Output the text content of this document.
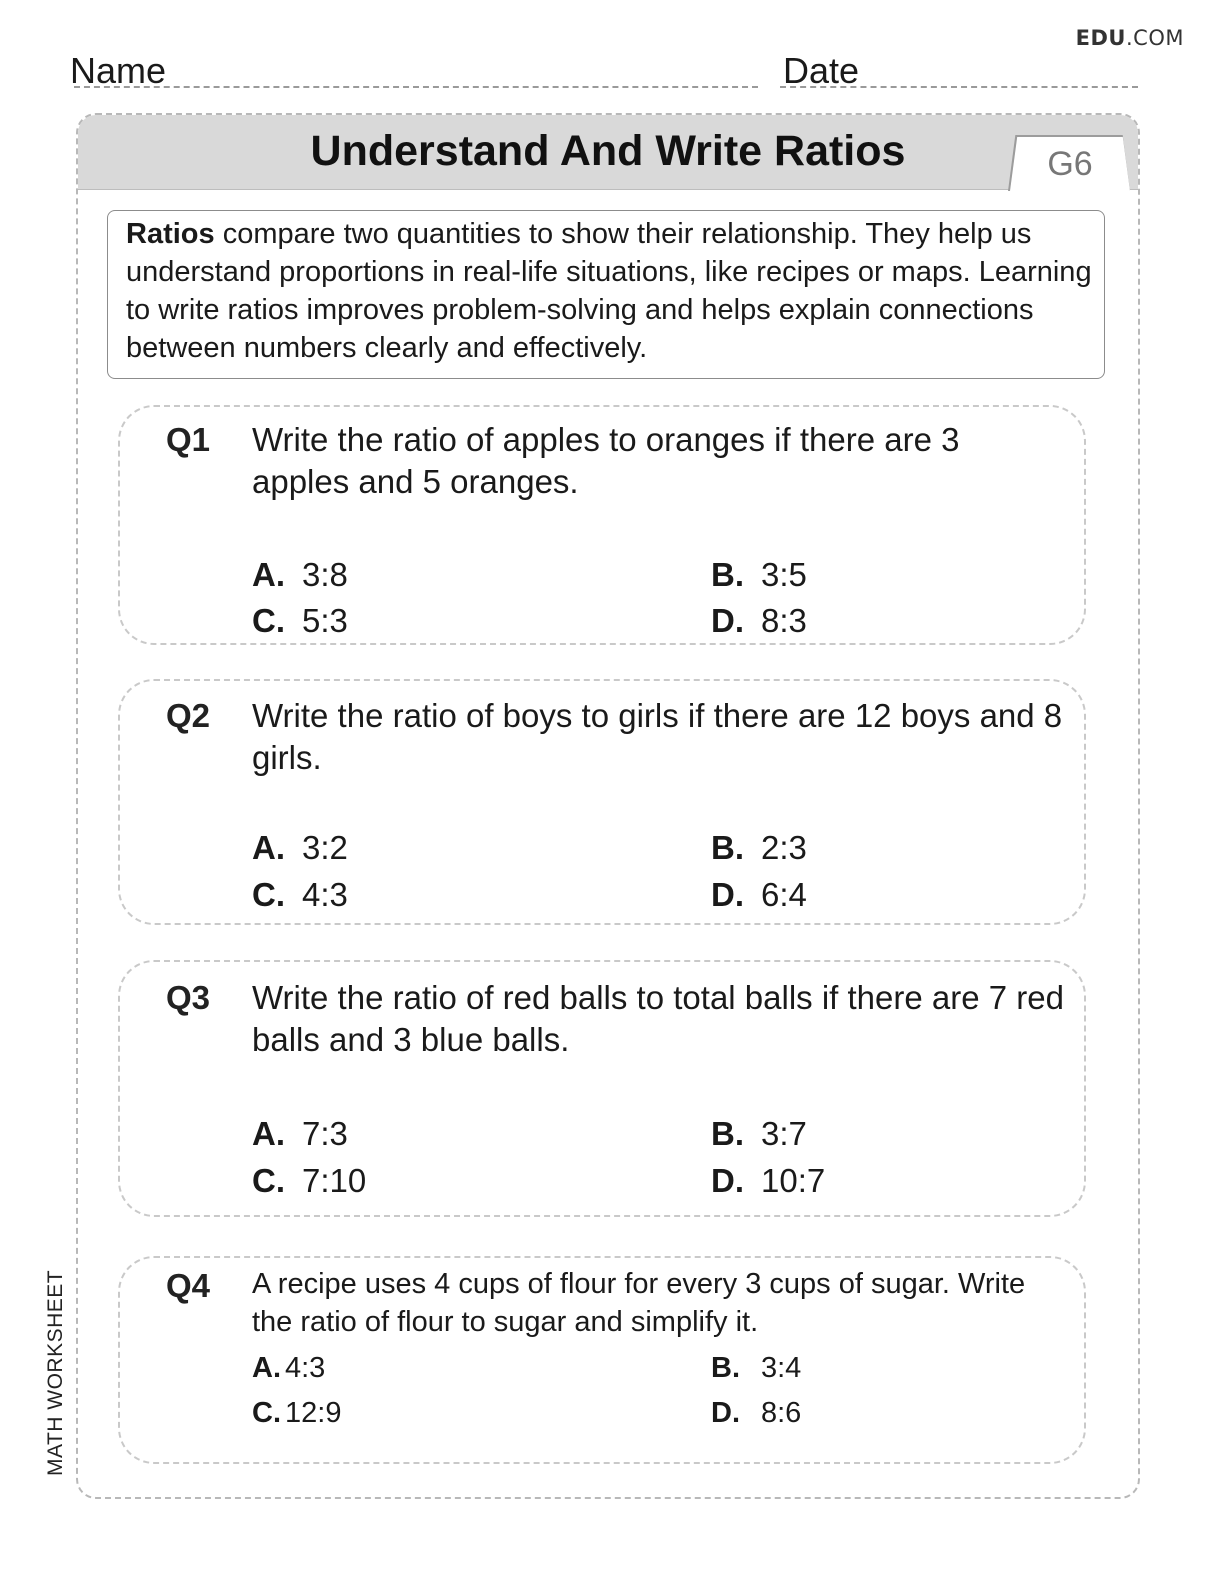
EDU.COM
Name	Date
Understand And Write Ratios	G6
Ratios compare two quantities to show their relationship. They help us understand proportions in real-life situations, like recipes or maps. Learning to write ratios improves problem-solving and helps explain connections between numbers clearly and effectively.
Q1 Write the ratio of apples to oranges if there are 3 apples and 5 oranges.
A. 3:8	B. 3:5
C. 5:3	D. 8:3
Q2 Write the ratio of boys to girls if there are 12 boys and 8 girls.
A. 3:2	B. 2:3
C. 4:3	D. 6:4
Q3 Write the ratio of red balls to total balls if there are 7 red balls and 3 blue balls.
A. 7:3	B. 3:7
C. 7:10	D. 10:7
Q4 A recipe uses 4 cups of flour for every 3 cups of sugar. Write the ratio of flour to sugar and simplify it.
A. 4:3	B. 3:4
C. 12:9	D. 8:6
MATH WORKSHEET
